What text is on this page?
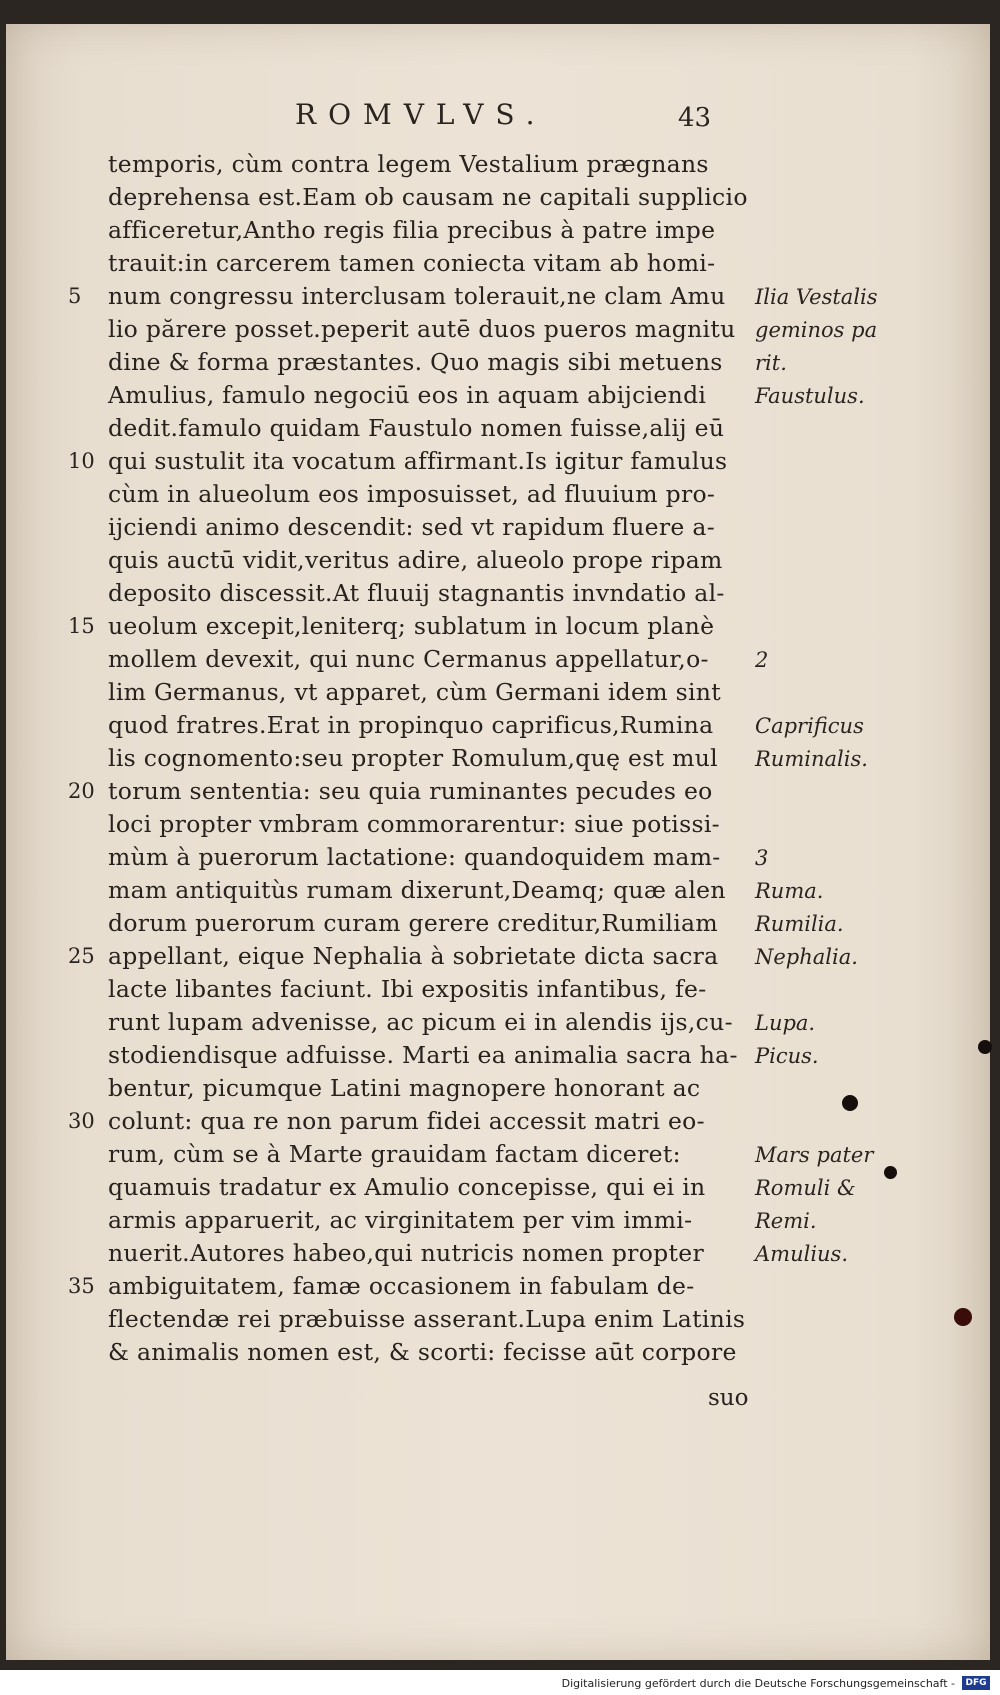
ROMVLVS.	43
temporis, cùm contra legem Vestalium prægnans
deprehensa est.Eam ob causam ne capitali supplicio
afficeretur,Antho regis filia precibus à patre impe
trauit:in carcerem tamen coniecta vitam ab homi-
num congressu interclusam tolerauit,ne clam Amu
lio părere posset.peperit autē duos pueros magnitu
dine & forma præstantes. Quo magis sibi metuens
Amulius, famulo negociū eos in aquam abijciendi
dedit.famulo quidam Faustulo nomen fuisse,alij eū
qui sustulit ita vocatum affirmant.Is igitur famulus
cùm in alueolum eos imposuisset, ad fluuium pro-
ijciendi animo descendit: sed vt rapidum fluere a-
quis auctū vidit,veritus adire, alueolo prope ripam
deposito discessit.At fluuij stagnantis invndatio al-
ueolum excepit,leniterq; sublatum in locum planè
mollem devexit, qui nunc Cermanus appellatur,o-
lim Germanus, vt apparet, cùm Germani idem sint
quod fratres.Erat in propinquo caprificus,Rumina
lis cognomento:seu propter Romulum,quę est mul
torum sententia: seu quia ruminantes pecudes eo
loci propter vmbram commorarentur: siue potissi-
mùm à puerorum lactatione: quandoquidem mam-
mam antiquitùs rumam dixerunt,Deamq; quæ alen
dorum puerorum curam gerere creditur,Rumiliam
appellant, eique Nephalia à sobrietate dicta sacra
lacte libantes faciunt. Ibi expositis infantibus, fe-
runt lupam advenisse, ac picum ei in alendis ijs,cu-
stodiendisque adfuisse. Marti ea animalia sacra ha-
bentur, picumque Latini magnopere honorant ac
colunt: qua re non parum fidei accessit matri eo-
rum, cùm se à Marte grauidam factam diceret:
quamuis tradatur ex Amulio concepisse, qui ei in
armis apparuerit, ac virginitatem per vim immi-
nuerit.Autores habeo,qui nutricis nomen propter
ambiguitatem, famæ occasionem in fabulam de-
flectendæ rei præbuisse asserant.Lupa enim Latinis
& animalis nomen est, & scorti: fecisse aūt corpore
5
10
15
20
25
30
35
Ilia Vestalis
geminos pa
rit.
Faustulus.
2
Caprificus
Ruminalis.
3
Ruma.
Rumilia.
Nephalia.
Lupa.
Picus.
Mars pater
Romuli &
Remi.
Amulius.
suo
Digitalisierung gefördert durch die Deutsche Forschungsgemeinschaft -	DFG
